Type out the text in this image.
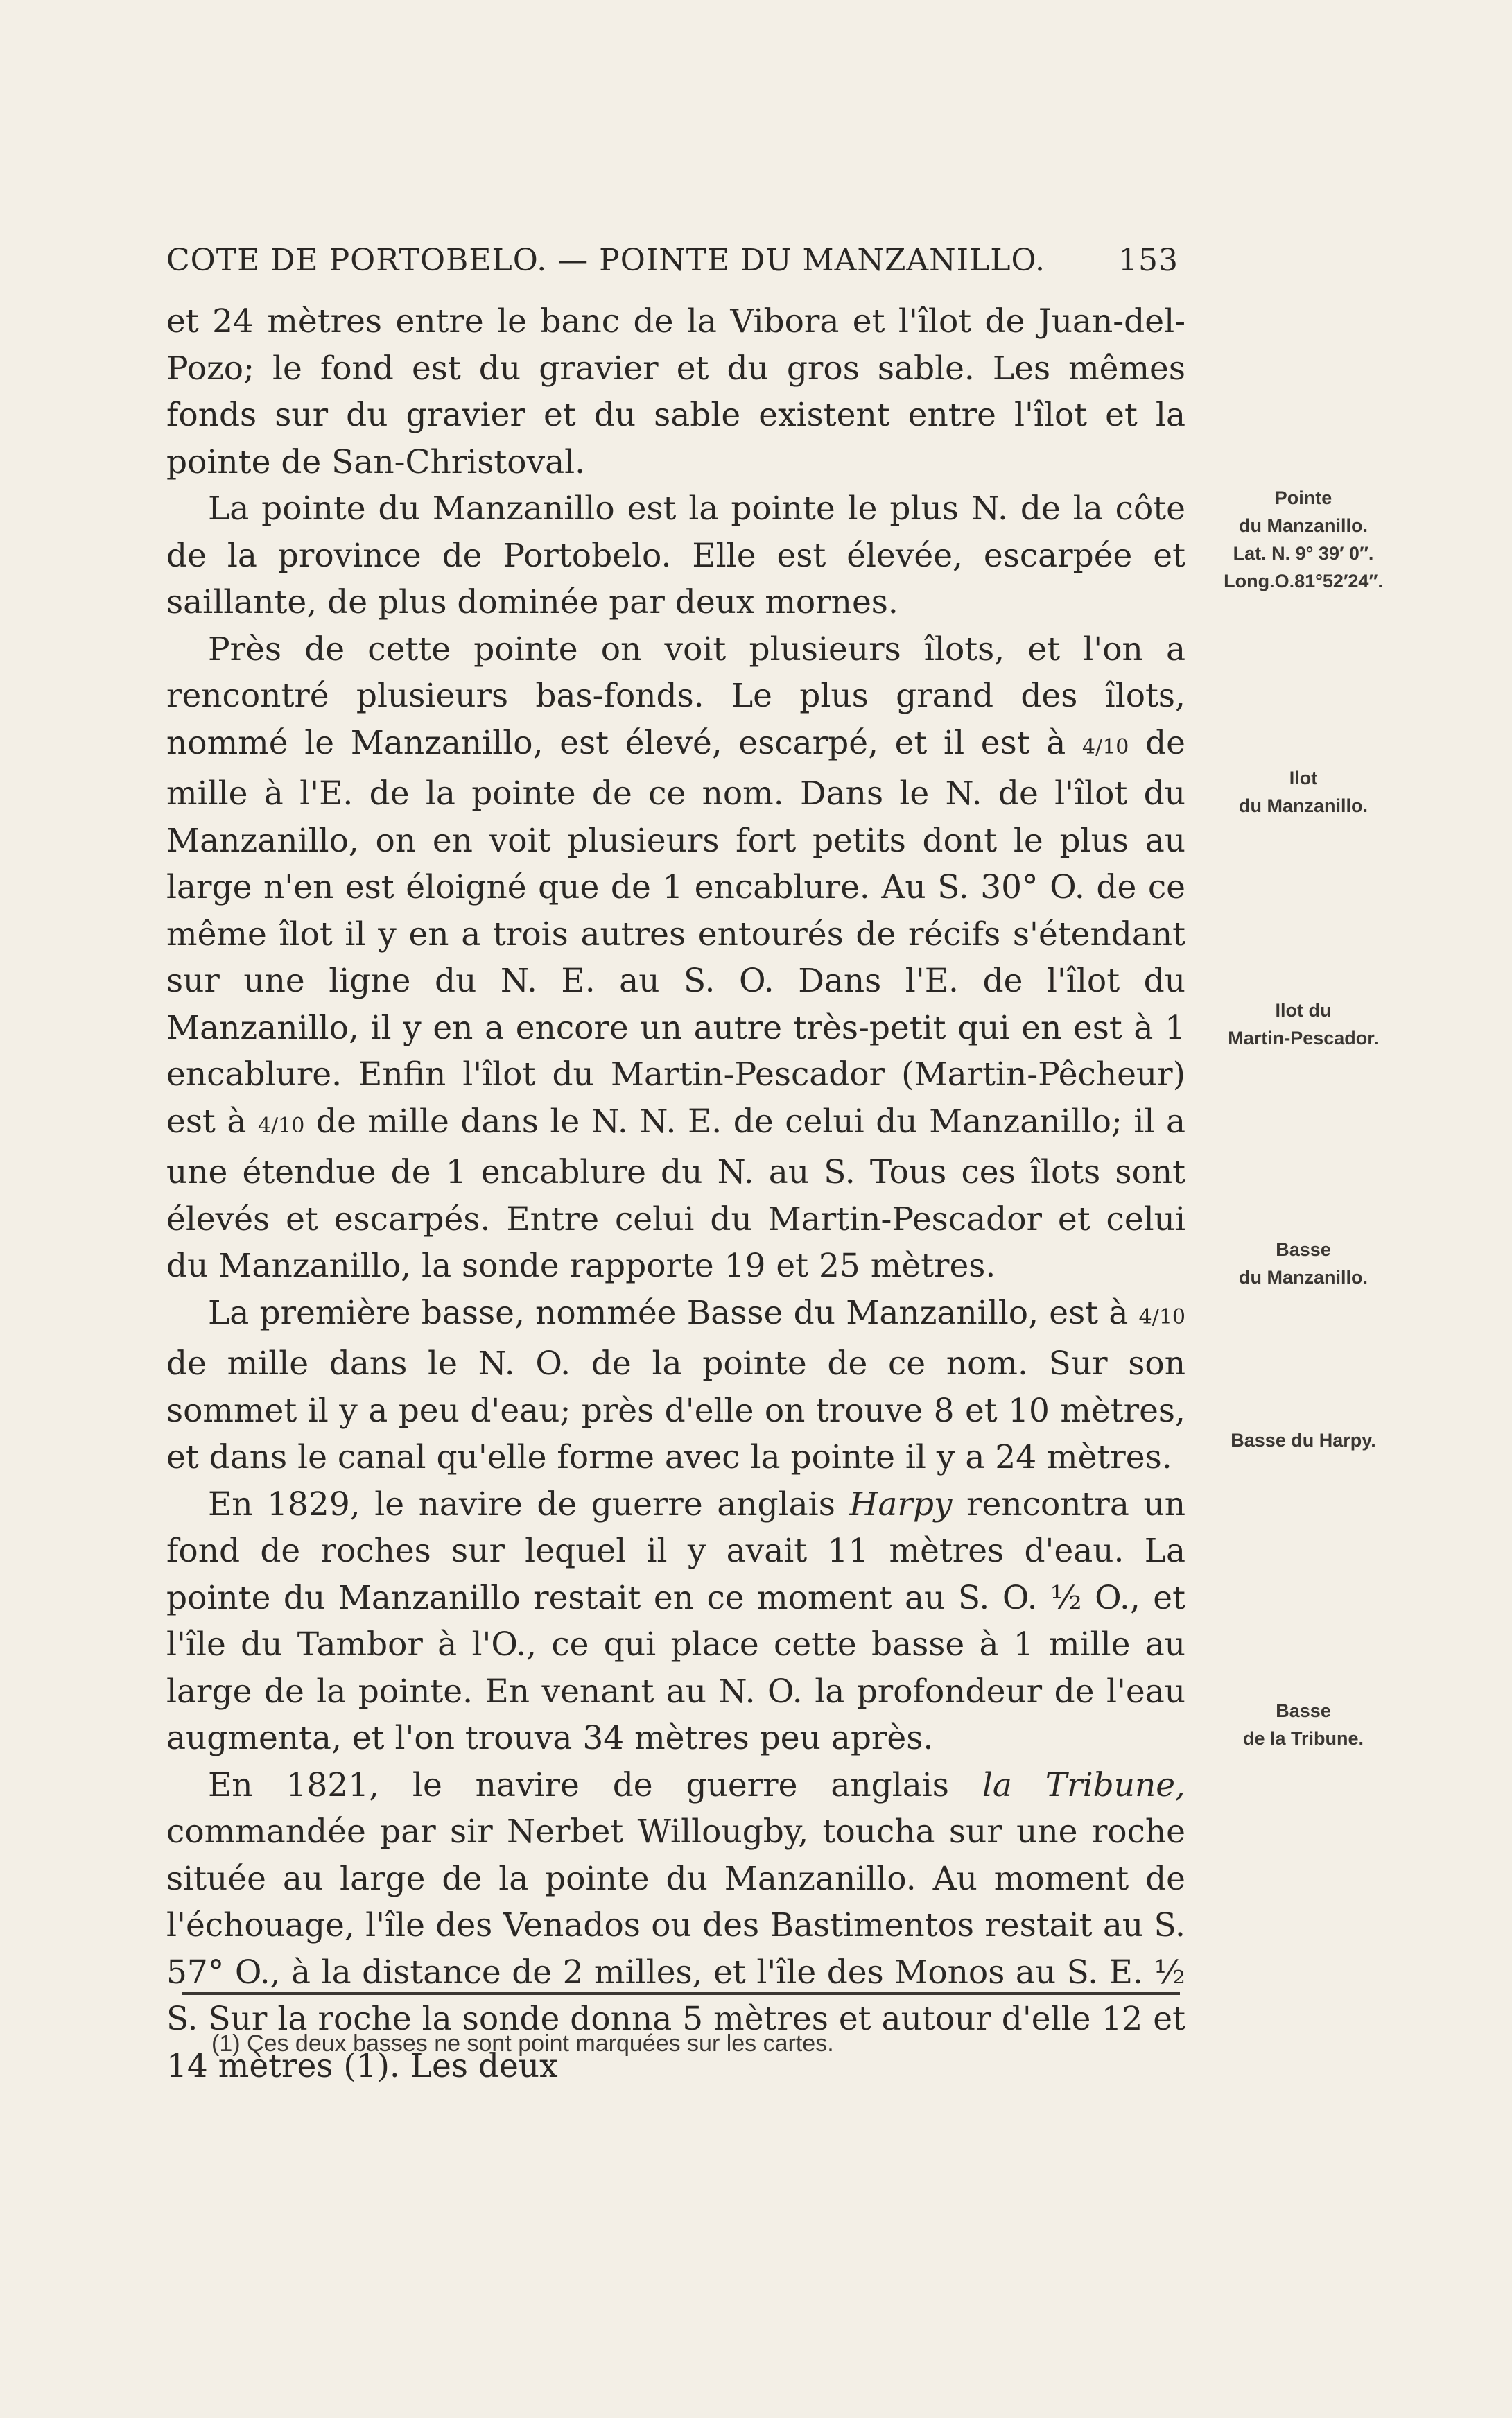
COTE DE PORTOBELO. — POINTE DU MANZANILLO. 153

et 24 mètres entre le banc de la Vibora et l'îlot de Juan-del-Pozo; le fond est du gravier et du gros sable. Les mêmes fonds sur du gravier et du sable existent entre l'îlot et la pointe de San-Christoval.

La pointe du Manzanillo est la pointe le plus N. de la côte de la province de Portobelo. Elle est élevée, escarpée et saillante, de plus dominée par deux mornes.

Près de cette pointe on voit plusieurs îlots, et l'on a rencontré plusieurs bas-fonds. Le plus grand des îlots, nommé le Manzanillo, est élevé, escarpé, et il est à 4/10 de mille à l'E. de la pointe de ce nom. Dans le N. de l'îlot du Manzanillo, on en voit plusieurs fort petits dont le plus au large n'en est éloigné que de 1 encablure. Au S. 30° O. de ce même îlot il y en a trois autres entourés de récifs s'étendant sur une ligne du N. E. au S. O. Dans l'E. de l'îlot du Manzanillo, il y en a encore un autre très-petit qui en est à 1 encablure. Enfin l'îlot du Martin-Pescador (Martin-Pêcheur) est à 4/10 de mille dans le N. N. E. de celui du Manzanillo; il a une étendue de 1 encablure du N. au S. Tous ces îlots sont élevés et escarpés. Entre celui du Martin-Pescador et celui du Manzanillo, la sonde rapporte 19 et 25 mètres.

La première basse, nommée Basse du Manzanillo, est à 4/10 de mille dans le N. O. de la pointe de ce nom. Sur son sommet il y a peu d'eau; près d'elle on trouve 8 et 10 mètres, et dans le canal qu'elle forme avec la pointe il y a 24 mètres.

En 1829, le navire de guerre anglais Harpy rencontra un fond de roches sur lequel il y avait 11 mètres d'eau. La pointe du Manzanillo restait en ce moment au S. O. ½ O., et l'île du Tambor à l'O., ce qui place cette basse à 1 mille au large de la pointe. En venant au N. O. la profondeur de l'eau augmenta, et l'on trouva 34 mètres peu après.

En 1821, le navire de guerre anglais la Tribune, commandée par sir Nerbet Willougby, toucha sur une roche située au large de la pointe du Manzanillo. Au moment de l'échouage, l'île des Venados ou des Bastimentos restait au S. 57° O., à la distance de 2 milles, et l'île des Monos au S. E. ½ S. Sur la roche la sonde donna 5 mètres et autour d'elle 12 et 14 mètres (1). Les deux

Pointe
du Manzanillo.
Lat. N. 9° 39′ 0″.
Long.O.81°52′24″.
Ilot
du Manzanillo.
Ilot du
Martin-Pescador.
Basse
du Manzanillo.
Basse du Harpy.
Basse
de la Tribune.
(1) Ces deux basses ne sont point marquées sur les cartes.
